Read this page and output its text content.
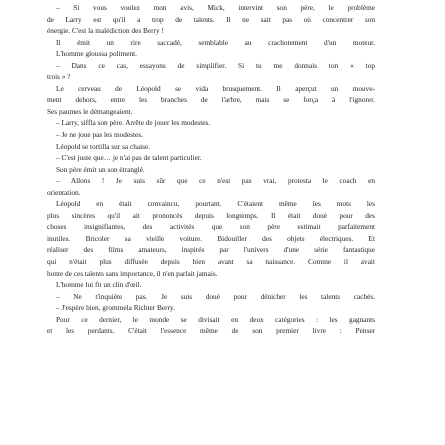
– Si vous voulez mon avis, Mick, intervint son père, le problème
de Larry est qu'il a trop de talents. Il ne sait pas où concentrer son
énergie. C'est la malédiction des Berry !
Il émit un rire saccadé, semblable au crachotement d'un moteur.
L'homme gloussa poliment.
– Dans ce cas, essayons de simplifier. Si tu me donnais ton « top
trois » ?
Le cerveau de Léopold se vida brusquement. Il aperçut un mouve-
ment dehors, entre les branches de l'arbre, mais se força à l'ignorer.
Ses paumes le démangeaient.
– Larry, siffla son père. Arrête de jouer les modestes.
– Je ne joue pas les modestes.
Léopold se tortilla sur sa chaise.
– C'est juste que… je n'ai pas de talent particulier.
Son père émit un son étranglé.
– Allons ! Je suis sûr que ce n'est pas vrai, protesta le coach en
orientation.
Léopold en était convaincu, pourtant. C'étaient même les mots les
plus sincères qu'il ait prononcés depuis longtemps. Il était doué pour des
choses insignifiantes, des activités que son père estimait parfaitement
inutiles. Bricoler sa vieille voiture. Bidouiller des objets électriques. Et
réaliser des films amateurs, inspirés par l'univers d'une série fantastique
qui n'était plus diffusée depuis bien avant sa naissance. Comme il avait
honte de ces talents sans importance, il n'en parlait jamais.
L'homme lui fit un clin d'œil.
– Ne t'inquiète pas. Je suis doué pour dénicher les talents cachés.
– J'espère bien, grommela Richter Berry.
Pour ce dernier, le monde se divisait en deux catégories : les gagnants
et les perdants. C'était l'essence même de son premier livre : Penser
